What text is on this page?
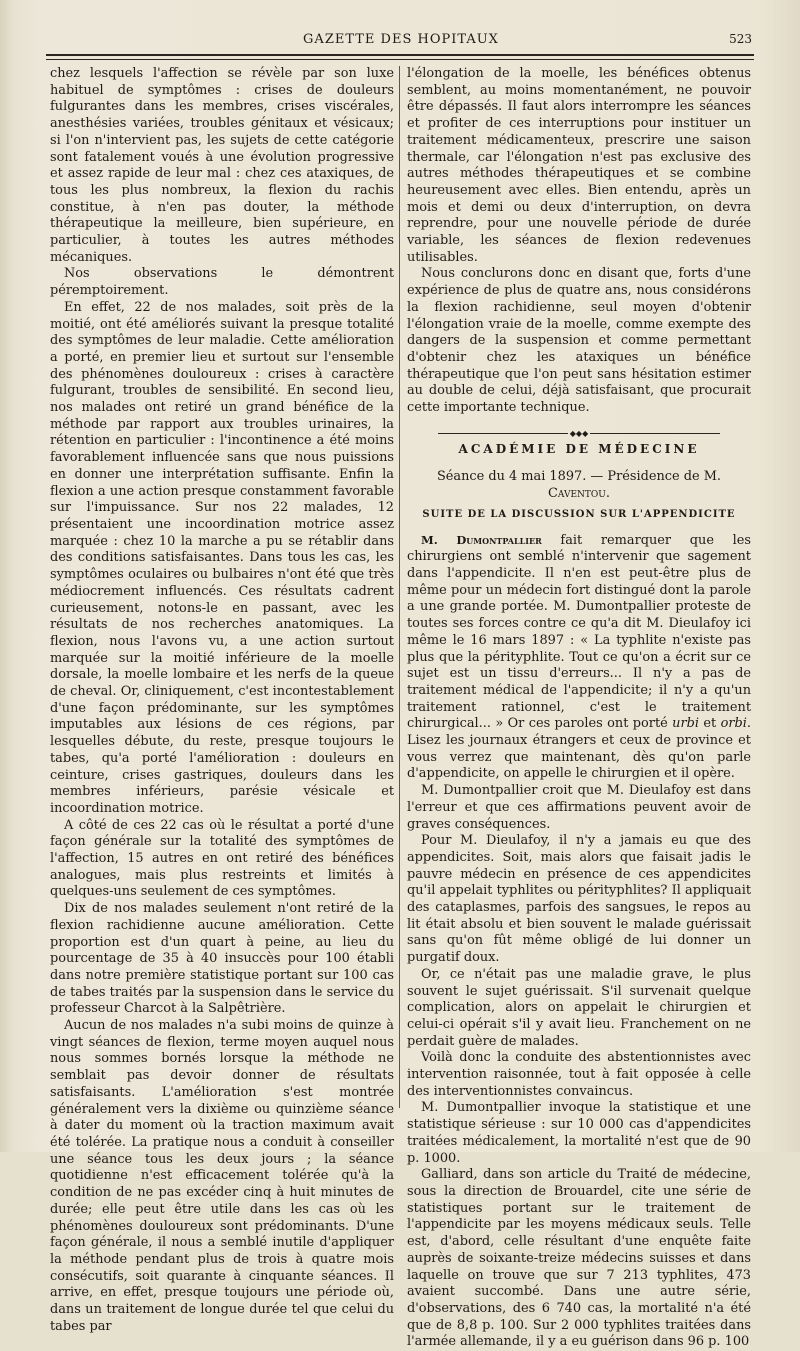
GAZETTE DES HOPITAUX	523

chez lesquels l'affection se révèle par son luxe habituel de symptômes : crises de douleurs fulgurantes dans les membres, crises viscérales, anesthésies variées, troubles génitaux et vésicaux; si l'on n'intervient pas, les sujets de cette catégorie sont fatalement voués à une évolution progressive et assez rapide de leur mal : chez ces ataxiques, de tous les plus nombreux, la flexion du rachis constitue, à n'en pas douter, la méthode thérapeutique la meilleure, bien supérieure, en particulier, à toutes les autres méthodes mécaniques.

Nos observations le démontrent péremptoirement.

En effet, 22 de nos malades, soit près de la moitié, ont été améliorés suivant la presque totalité des symptômes de leur maladie. Cette amélioration a porté, en premier lieu et surtout sur l'ensemble des phénomènes douloureux : crises à caractère fulgurant, troubles de sensibilité. En second lieu, nos malades ont retiré un grand bénéfice de la méthode par rapport aux troubles urinaires, la rétention en particulier : l'incontinence a été moins favorablement influencée sans que nous puissions en donner une interprétation suffisante. Enfin la flexion a une action presque constamment favorable sur l'impuissance. Sur nos 22 malades, 12 présentaient une incoordination motrice assez marquée : chez 10 la marche a pu se rétablir dans des conditions satisfaisantes. Dans tous les cas, les symptômes oculaires ou bulbaires n'ont été que très médiocrement influencés. Ces résultats cadrent curieusement, notons-le en passant, avec les résultats de nos recherches anatomiques. La flexion, nous l'avons vu, a une action surtout marquée sur la moitié inférieure de la moelle dorsale, la moelle lombaire et les nerfs de la queue de cheval. Or, cliniquement, c'est incontestablement d'une façon prédominante, sur les symptômes imputables aux lésions de ces régions, par lesquelles débute, du reste, presque toujours le tabes, qu'a porté l'amélioration : douleurs en ceinture, crises gastriques, douleurs dans les membres inférieurs, parésie vésicale et incoordination motrice.

A côté de ces 22 cas où le résultat a porté d'une façon générale sur la totalité des symptômes de l'affection, 15 autres en ont retiré des bénéfices analogues, mais plus restreints et limités à quelques-uns seulement de ces symptômes.

Dix de nos malades seulement n'ont retiré de la flexion rachidienne aucune amélioration. Cette proportion est d'un quart à peine, au lieu du pourcentage de 35 à 40 insuccès pour 100 établi dans notre première statistique portant sur 100 cas de tabes traités par la suspension dans le service du professeur Charcot à la Salpêtrière.

Aucun de nos malades n'a subi moins de quinze à vingt séances de flexion, terme moyen auquel nous nous sommes bornés lorsque la méthode ne semblait pas devoir donner de résultats satisfaisants. L'amélioration s'est montrée généralement vers la dixième ou quinzième séance à dater du moment où la traction maximum avait été tolérée. La pratique nous a conduit à conseiller une séance tous les deux jours ; la séance quotidienne n'est efficacement tolérée qu'à la condition de ne pas excéder cinq à huit minutes de durée; elle peut être utile dans les cas où les phénomènes douloureux sont prédominants. D'une façon générale, il nous a semblé inutile d'appliquer la méthode pendant plus de trois à quatre mois consécutifs, soit quarante à cinquante séances. Il arrive, en effet, presque toujours une période où, dans un traitement de longue durée tel que celui du tabes par

l'élongation de la moelle, les bénéfices obtenus semblent, au moins momentanément, ne pouvoir être dépassés. Il faut alors interrompre les séances et profiter de ces interruptions pour instituer un traitement médicamenteux, prescrire une saison thermale, car l'élongation n'est pas exclusive des autres méthodes thérapeutiques et se combine heureusement avec elles. Bien entendu, après un mois et demi ou deux d'interruption, on devra reprendre, pour une nouvelle période de durée variable, les séances de flexion redevenues utilisables.

Nous conclurons donc en disant que, forts d'une expérience de plus de quatre ans, nous considérons la flexion rachidienne, seul moyen d'obtenir l'élongation vraie de la moelle, comme exempte des dangers de la suspension et comme permettant d'obtenir chez les ataxiques un bénéfice thérapeutique que l'on peut sans hésitation estimer au double de celui, déjà satisfaisant, que procurait cette importante technique.

◆◆◆
ACADÉMIE DE MÉDECINE

Séance du 4 mai 1897. — Présidence de M. Caventou.

SUITE DE LA DISCUSSION SUR L'APPENDICITE

M. Dumontpallier fait remarquer que les chirurgiens ont semblé n'intervenir que sagement dans l'appendicite. Il n'en est peut-être plus de même pour un médecin fort distingué dont la parole a une grande portée. M. Dumontpallier proteste de toutes ses forces contre ce qu'a dit M. Dieulafoy ici même le 16 mars 1897 : « La typhlite n'existe pas plus que la pérityphlite. Tout ce qu'on a écrit sur ce sujet est un tissu d'erreurs... Il n'y a pas de traitement médical de l'appendicite; il n'y a qu'un traitement rationnel, c'est le traitement chirurgical... » Or ces paroles ont porté urbi et orbi. Lisez les journaux étrangers et ceux de province et vous verrez que maintenant, dès qu'on parle d'appendicite, on appelle le chirurgien et il opère.

M. Dumontpallier croit que M. Dieulafoy est dans l'erreur et que ces affirmations peuvent avoir de graves conséquences.

Pour M. Dieulafoy, il n'y a jamais eu que des appendicites. Soit, mais alors que faisait jadis le pauvre médecin en présence de ces appendicites qu'il appelait typhlites ou pérityphlites? Il appliquait des cataplasmes, parfois des sangsues, le repos au lit était absolu et bien souvent le malade guérissait sans qu'on fût même obligé de lui donner un purgatif doux.

Or, ce n'était pas une maladie grave, le plus souvent le sujet guérissait. S'il survenait quelque complication, alors on appelait le chirurgien et celui-ci opérait s'il y avait lieu. Franchement on ne perdait guère de malades.

Voilà donc la conduite des abstentionnistes avec intervention raisonnée, tout à fait opposée à celle des interventionnistes convaincus.

M. Dumontpallier invoque la statistique et une statistique sérieuse : sur 10 000 cas d'appendicites traitées médicalement, la mortalité n'est que de 90 p. 1000.

Galliard, dans son article du Traité de médecine, sous la direction de Brouardel, cite une série de statistiques portant sur le traitement de l'appendicite par les moyens médicaux seuls. Telle est, d'abord, celle résultant d'une enquête faite auprès de soixante-treize médecins suisses et dans laquelle on trouve que sur 7 213 typhlites, 473 avaient succombé. Dans une autre série, d'observations, des 6 740 cas, la mortalité n'a été que de 8,8 p. 100. Sur 2 000 typhlites traitées dans l'armée allemande, il y a eu guérison dans 96 p. 100
